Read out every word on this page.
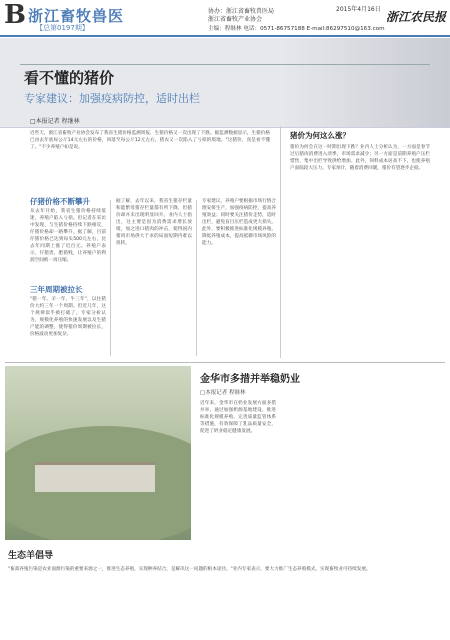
B 浙江畜牧兽医
【总第0197期】
协办：浙江省畜牧兽医局
浙江省畜牧产业协会
2015年4月16日
浙江农民报
主编：程继林 电话：0571-86757188 E-mail:86297510@163.com
看不懂的猪价
专家建议：加强疫病防控，适时出栏
□本报记者 程继林
近些天，浙江省畜牧产业协会发布了我省生猪价格监测周报，生猪价格又一次出现了下跌。据监测数据显示，生猪价格已由去年底每公斤14元左右的价格，回落至每公斤12元左右，猪农又一次陷入了亏损的境地。"这猪价，真是看不懂了。"不少养殖户如是说。
仔猪价格不断攀升
从去年开始，我省生猪价格持续低迷，养殖户陷入亏损。但记者在采访中发现，与生猪价格持续下跌相反，仔猪价格却一路攀升。据了解，目前仔猪价格已达到每头500元左右，比去年同期上涨了近百元。养殖户表示，仔猪贵、肥猪贱，让养殖户的利润空间被一再压缩。
三年周期被拉长
"猪一年、羊一年、牛三年"，以往猪价大约三年一个周期。但近几年，这个规律似乎被打破了。专家分析认为，规模化养殖的快速发展以及生猪产能的调整，使得猪价周期被拉长，价格波动更加复杂。
据了解，去年以来，我省生猪存栏量和能繁母猪存栏量都有所下降，但猪价却并未出现明显回升。业内人士指出，这主要是因为消费需求增长放缓，加之进口猪肉的冲击，使得国内猪肉市场供大于求的局面短期内难以扭转。
专家建议，养殖户要根据市场行情合理安排生产，加强疫病防控，提高养殖效益；同时要关注猪价走势，适时出栏，避免盲目压栏造成更大损失。此外，要积极推进标准化规模养殖，降低养殖成本，提高抵御市场风险的能力。
猪价为何这么涨？
猪价为何会在这一时期出现下跌？业内人士分析认为，一方面是春节过后猪肉消费进入淡季，市场需求减少；另一方面是前期养殖户压栏惜售，集中出栏导致供给增加。此外，饲料成本居高不下，也使养殖户面临较大压力。专家预计，随着消费回暖，猪价有望逐步企稳。
金华市多措并举稳奶业
□本报记者 程继林
近年来，金华市在奶业发展方面多措并举，通过加强奶源基地建设、推进标准化规模养殖、完善质量监管体系等措施，有效保障了乳品质量安全，促进了奶业稳定健康发展。
生态羊倡导
"畜禽养殖污染是农业面源污染的重要来源之一，推进生态养殖，实现种养结合，是解决这一问题的根本途径。"业内专家表示，要大力推广生态养殖模式，实现畜牧业可持续发展。
